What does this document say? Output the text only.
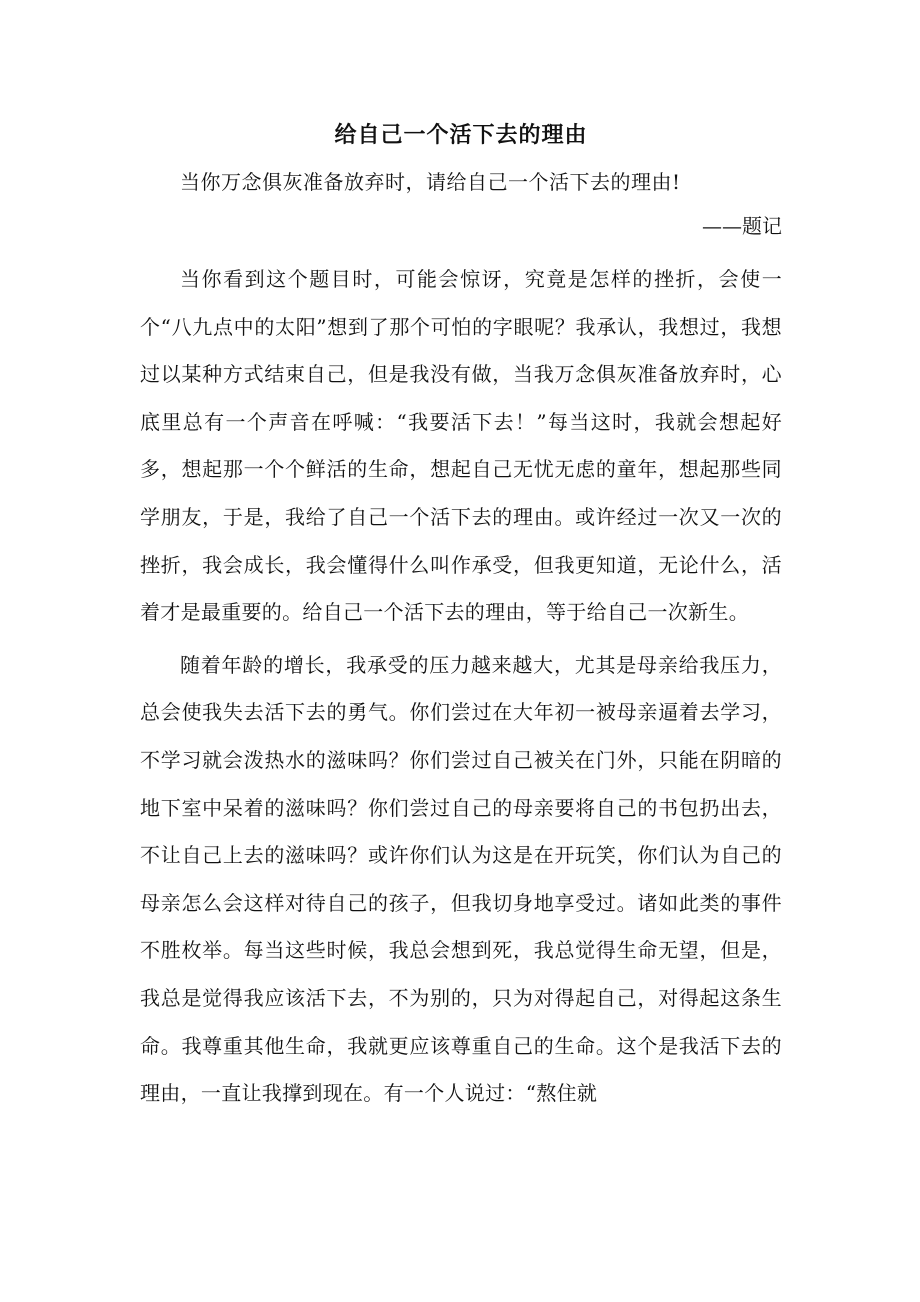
给自己一个活下去的理由

当你万念俱灰准备放弃时，请给自己一个活下去的理由!

——题记

当你看到这个题目时，可能会惊讶，究竟是怎样的挫折，会使一个“八九点中的太阳”想到了那个可怕的字眼呢？我承认，我想过，我想过以某种方式结束自己，但是我没有做，当我万念俱灰准备放弃时，心底里总有一个声音在呼喊：“我要活下去！”每当这时，我就会想起好多，想起那一个个鲜活的生命，想起自己无忧无虑的童年，想起那些同学朋友，于是，我给了自己一个活下去的理由。或许经过一次又一次的挫折，我会成长，我会懂得什么叫作承受，但我更知道，无论什么，活着才是最重要的。给自己一个活下去的理由，等于给自己一次新生。

随着年龄的增长，我承受的压力越来越大，尤其是母亲给我压力，总会使我失去活下去的勇气。你们尝过在大年初一被母亲逼着去学习，不学习就会泼热水的滋味吗？你们尝过自己被关在门外，只能在阴暗的地下室中呆着的滋味吗？你们尝过自己的母亲要将自己的书包扔出去，不让自己上去的滋味吗？或许你们认为这是在开玩笑，你们认为自己的母亲怎么会这样对待自己的孩子，但我切身地享受过。诸如此类的事件不胜枚举。每当这些时候，我总会想到死，我总觉得生命无望，但是，我总是觉得我应该活下去，不为别的，只为对得起自己，对得起这条生命。我尊重其他生命，我就更应该尊重自己的生命。这个是我活下去的理由，一直让我撑到现在。有一个人说过：“熬住就
